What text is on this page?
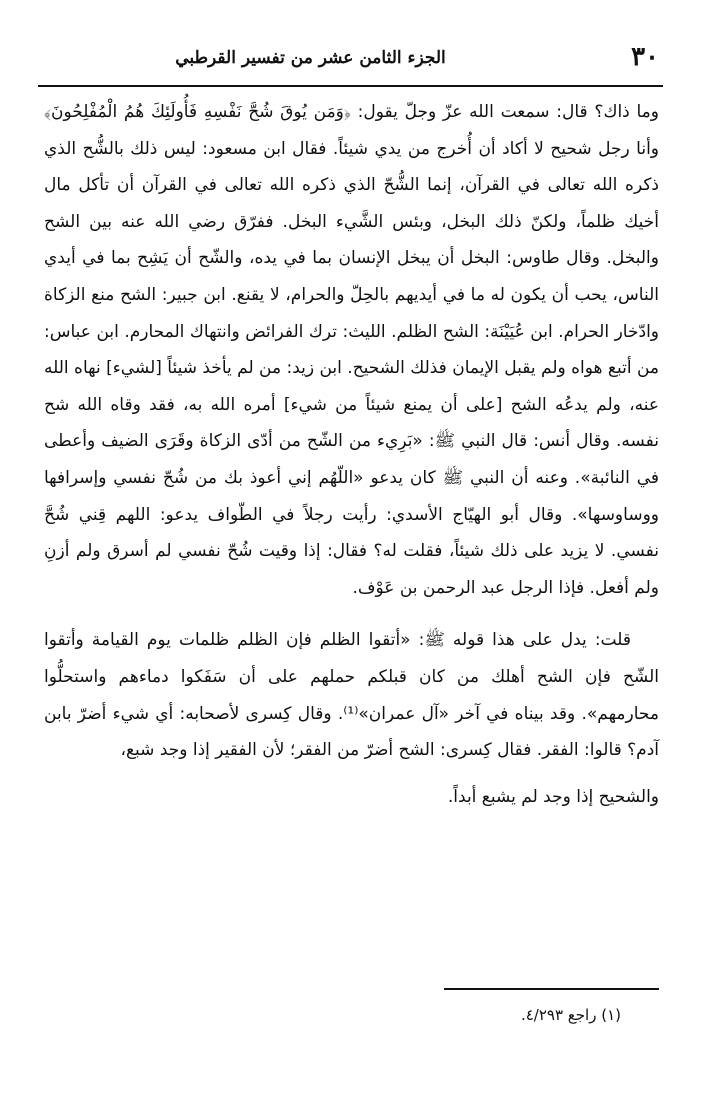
٣٠
الجزء الثامن عشر من تفسير القرطبي

وما ذاك؟ قال: سمعت الله عزّ وجلّ يقول: ﴿وَمَن يُوقَ شُحَّ نَفْسِهِ فَأُولَئِكَ هُمُ الْمُفْلِحُونَ﴾ وأنا رجل شحيح لا أكاد أن أُخرج من يدي شيئاً. فقال ابن مسعود: ليس ذلك بالشُّح الذي ذكره الله تعالى في القرآن، إنما الشُّحّ الذي ذكره الله تعالى في القرآن أن تأكل مال أخيك ظلماً، ولكنّ ذلك البخل، وبئس الشَّيء البخل. ففرّق رضي الله عنه بين الشح والبخل. وقال طاوس: البخل أن يبخل الإنسان بما في يده، والشّح أن يَشِح بما في أيدي الناس، يحب أن يكون له ما في أيديهم بالحِلّ والحرام، لا يقنع. ابن جبير: الشح منع الزكاة وادّخار الحرام. ابن عُيَيْنَة: الشح الظلم. الليث: ترك الفرائض وانتهاك المحارم. ابن عباس: من أتبع هواه ولم يقبل الإيمان فذلك الشحيح. ابن زيد: من لم يأخذ شيئاً [لشيء] نهاه الله عنه، ولم يدعُه الشح [على أن يمنع شيئاً من شيء] أمره الله به، فقد وقاه الله شح نفسه. وقال أنس: قال النبي ﷺ: «بَرِيء من الشّح من أدّى الزكاة وقَرَى الضيف وأعطى في النائبة». وعنه أن النبي ﷺ كان يدعو «اللّهُم إني أعوذ بك من شُحّ نفسي وإسرافها ووساوسها». وقال أبو الهيّاج الأسدي: رأيت رجلاً في الطّواف يدعو: اللهم قِني شُحَّ نفسي. لا يزيد على ذلك شيئاً، فقلت له؟ فقال: إذا وقيت شُحّ نفسي لم أسرق ولم أزنِ ولم أفعل. فإذا الرجل عبد الرحمن بن عَوْف.

قلت: يدل على هذا قوله ﷺ: «أتقوا الظلم فإن الظلم ظلمات يوم القيامة وأتقوا الشّح فإن الشح أهلك من كان قبلكم حملهم على أن سَفَكوا دماءهم واستحلُّوا محارمهم». وقد بيناه في آخر «آل عمران»⁽¹⁾. وقال كِسرى لأصحابه: أي شيء أضرّ بابن آدم؟ قالوا: الفقر. فقال كِسرى: الشح أضرّ من الفقر؛ لأن الفقير إذا وجد شبع،

والشحيح إذا وجد لم يشبع أبداً.

(١) راجع ٤/٢٩٣.
